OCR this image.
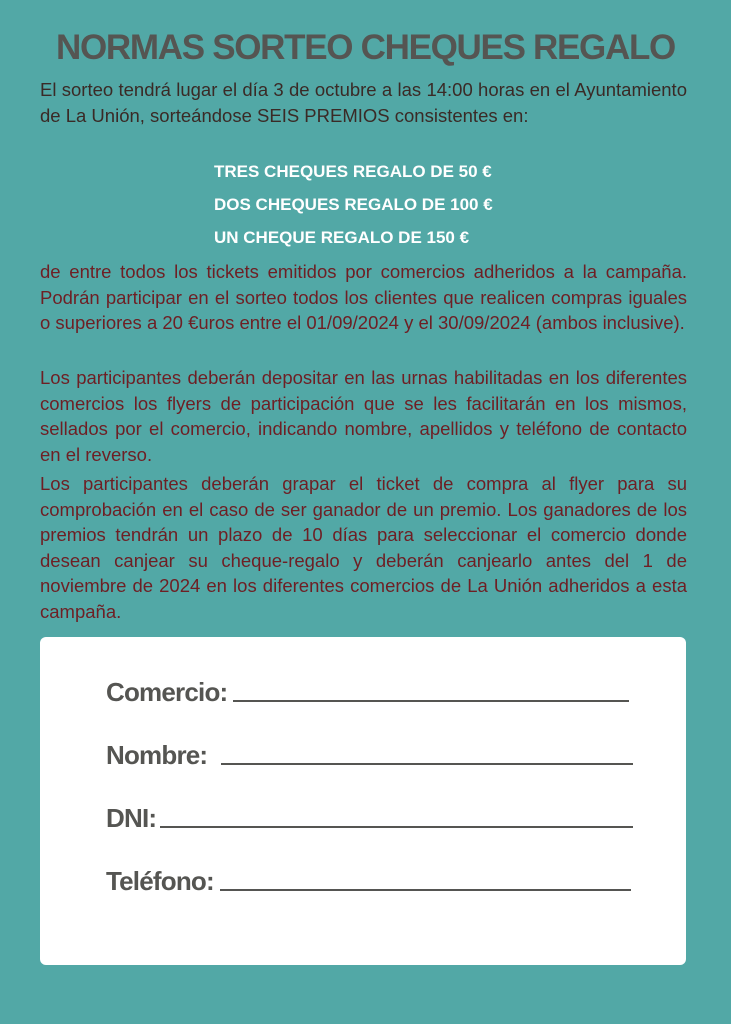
NORMAS SORTEO CHEQUES REGALO

El sorteo tendrá lugar el día 3 de octubre a las 14:00 horas en el Ayuntamiento de La Unión, sorteándose SEIS PREMIOS consistentes en:

TRES CHEQUES REGALO DE 50 €
DOS CHEQUES REGALO DE 100 €
UN CHEQUE REGALO DE 150 €

de entre todos los tickets emitidos por comercios adheridos a la campaña. Podrán participar en el sorteo todos los clientes que realicen compras iguales o superiores a 20 €uros entre el 01/09/2024 y el 30/09/2024 (ambos inclusive).

Los participantes deberán depositar en las urnas habilitadas en los diferentes comercios los flyers de participación que se les facilitarán en los mismos, sellados por el comercio, indicando nombre, apellidos y teléfono de contacto en el reverso.

Los participantes deberán grapar el ticket de compra al flyer para su comprobación en el caso de ser ganador de un premio. Los ganadores de los premios tendrán un plazo de 10 días para seleccionar el comercio donde desean canjear su cheque-regalo y deberán canjearlo antes del 1 de noviembre de 2024 en los diferentes comercios de La Unión adheridos a esta campaña.

Comercio:
Nombre:
DNI:
Teléfono:
